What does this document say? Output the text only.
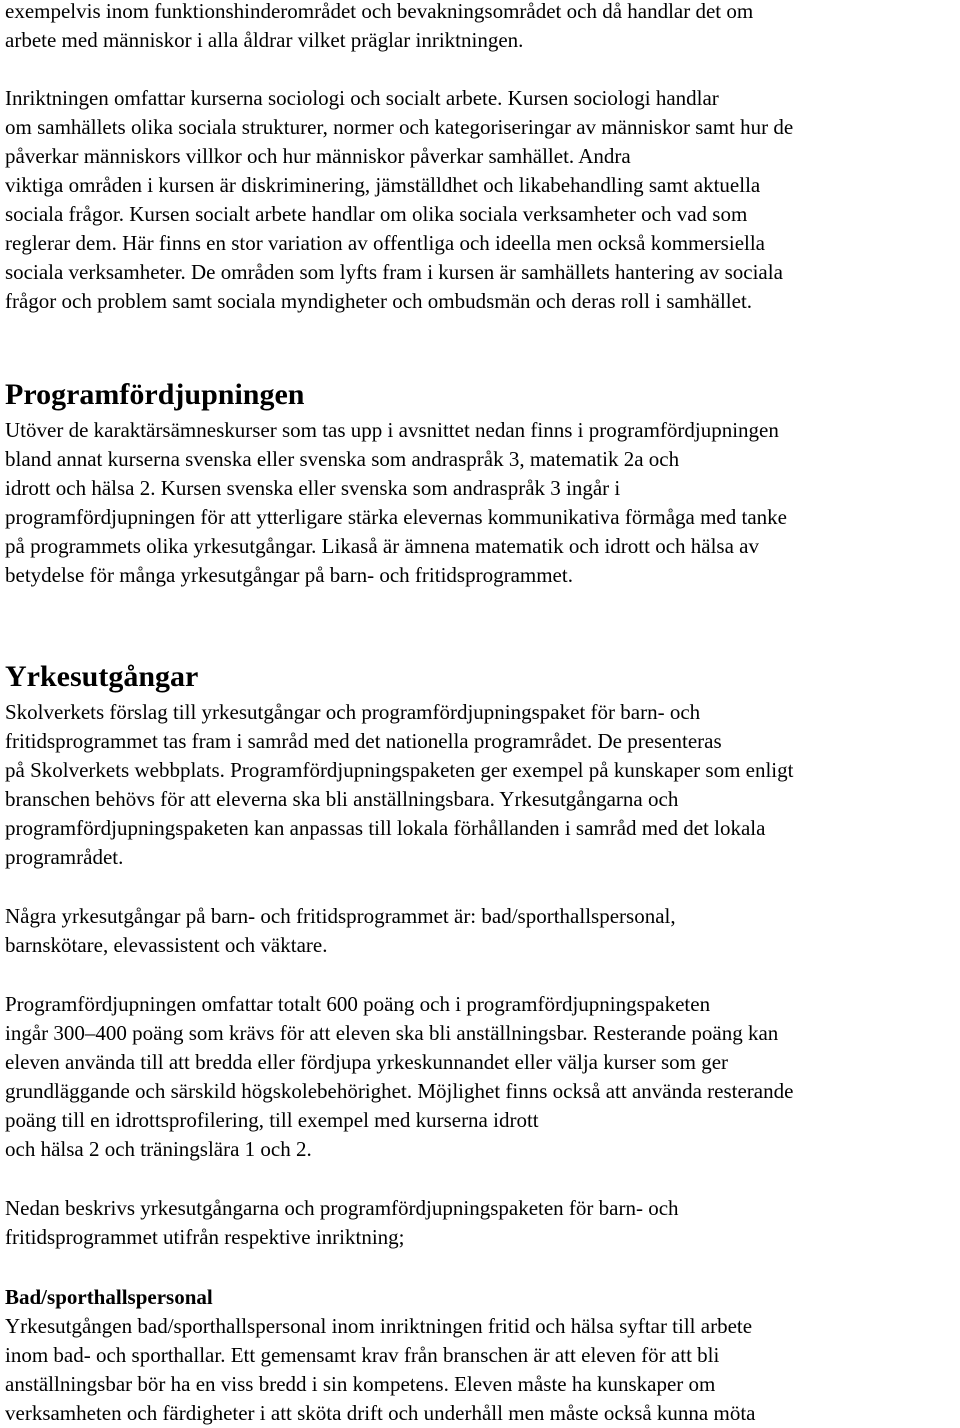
exempelvis inom funktionshinderområdet och bevakningsområdet och då handlar det om
arbete med människor i alla åldrar vilket präglar inriktningen.
Inriktningen omfattar kurserna sociologi och socialt arbete. Kursen sociologi handlar
om samhällets olika sociala strukturer, normer och kategoriseringar av människor samt hur de
påverkar människors villkor och hur människor påverkar samhället. Andra
viktiga områden i kursen är diskriminering, jämställdhet och likabehandling samt aktuella
sociala frågor. Kursen socialt arbete handlar om olika sociala verksamheter och vad som
reglerar dem. Här finns en stor variation av offentliga och ideella men också kommersiella
sociala verksamheter. De områden som lyfts fram i kursen är samhällets hantering av sociala
frågor och problem samt sociala myndigheter och ombudsmän och deras roll i samhället.
Programfördjupningen
Utöver de karaktärsämneskurser som tas upp i avsnittet nedan finns i programfördjupningen
bland annat kurserna svenska eller svenska som andraspråk 3, matematik 2a och
idrott och hälsa 2. Kursen svenska eller svenska som andraspråk 3 ingår i
programfördjupningen för att ytterligare stärka elevernas kommunikativa förmåga med tanke
på programmets olika yrkesutgångar. Likaså är ämnena matematik och idrott och hälsa av
betydelse för många yrkesutgångar på barn- och fritidsprogrammet.
Yrkesutgångar
Skolverkets förslag till yrkesutgångar och programfördjupningspaket för barn- och
fritidsprogrammet tas fram i samråd med det nationella programrådet. De presenteras
på Skolverkets webbplats. Programfördjupningspaketen ger exempel på kunskaper som enligt
branschen behövs för att eleverna ska bli anställningsbara. Yrkesutgångarna och
programfördjupningspaketen kan anpassas till lokala förhållanden i samråd med det lokala
programrådet.
Några yrkesutgångar på barn- och fritidsprogrammet är: bad/sporthallspersonal,
barnskötare, elevassistent och väktare.
Programfördjupningen omfattar totalt 600 poäng och i programfördjupningspaketen
ingår 300–400 poäng som krävs för att eleven ska bli anställningsbar. Resterande poäng kan
eleven använda till att bredda eller fördjupa yrkeskunnandet eller välja kurser som ger
grundläggande och särskild högskolebehörighet. Möjlighet finns också att använda resterande
poäng till en idrottsprofilering, till exempel med kurserna idrott
och hälsa 2 och träningslära 1 och 2.
Nedan beskrivs yrkesutgångarna och programfördjupningspaketen för barn- och
fritidsprogrammet utifrån respektive inriktning;
Bad/sporthallspersonal
Yrkesutgången bad/sporthallspersonal inom inriktningen fritid och hälsa syftar till arbete
inom bad- och sporthallar. Ett gemensamt krav från branschen är att eleven för att bli
anställningsbar bör ha en viss bredd i sin kompetens. Eleven måste ha kunskaper om
verksamheten och färdigheter i att sköta drift och underhåll men måste också kunna möta
